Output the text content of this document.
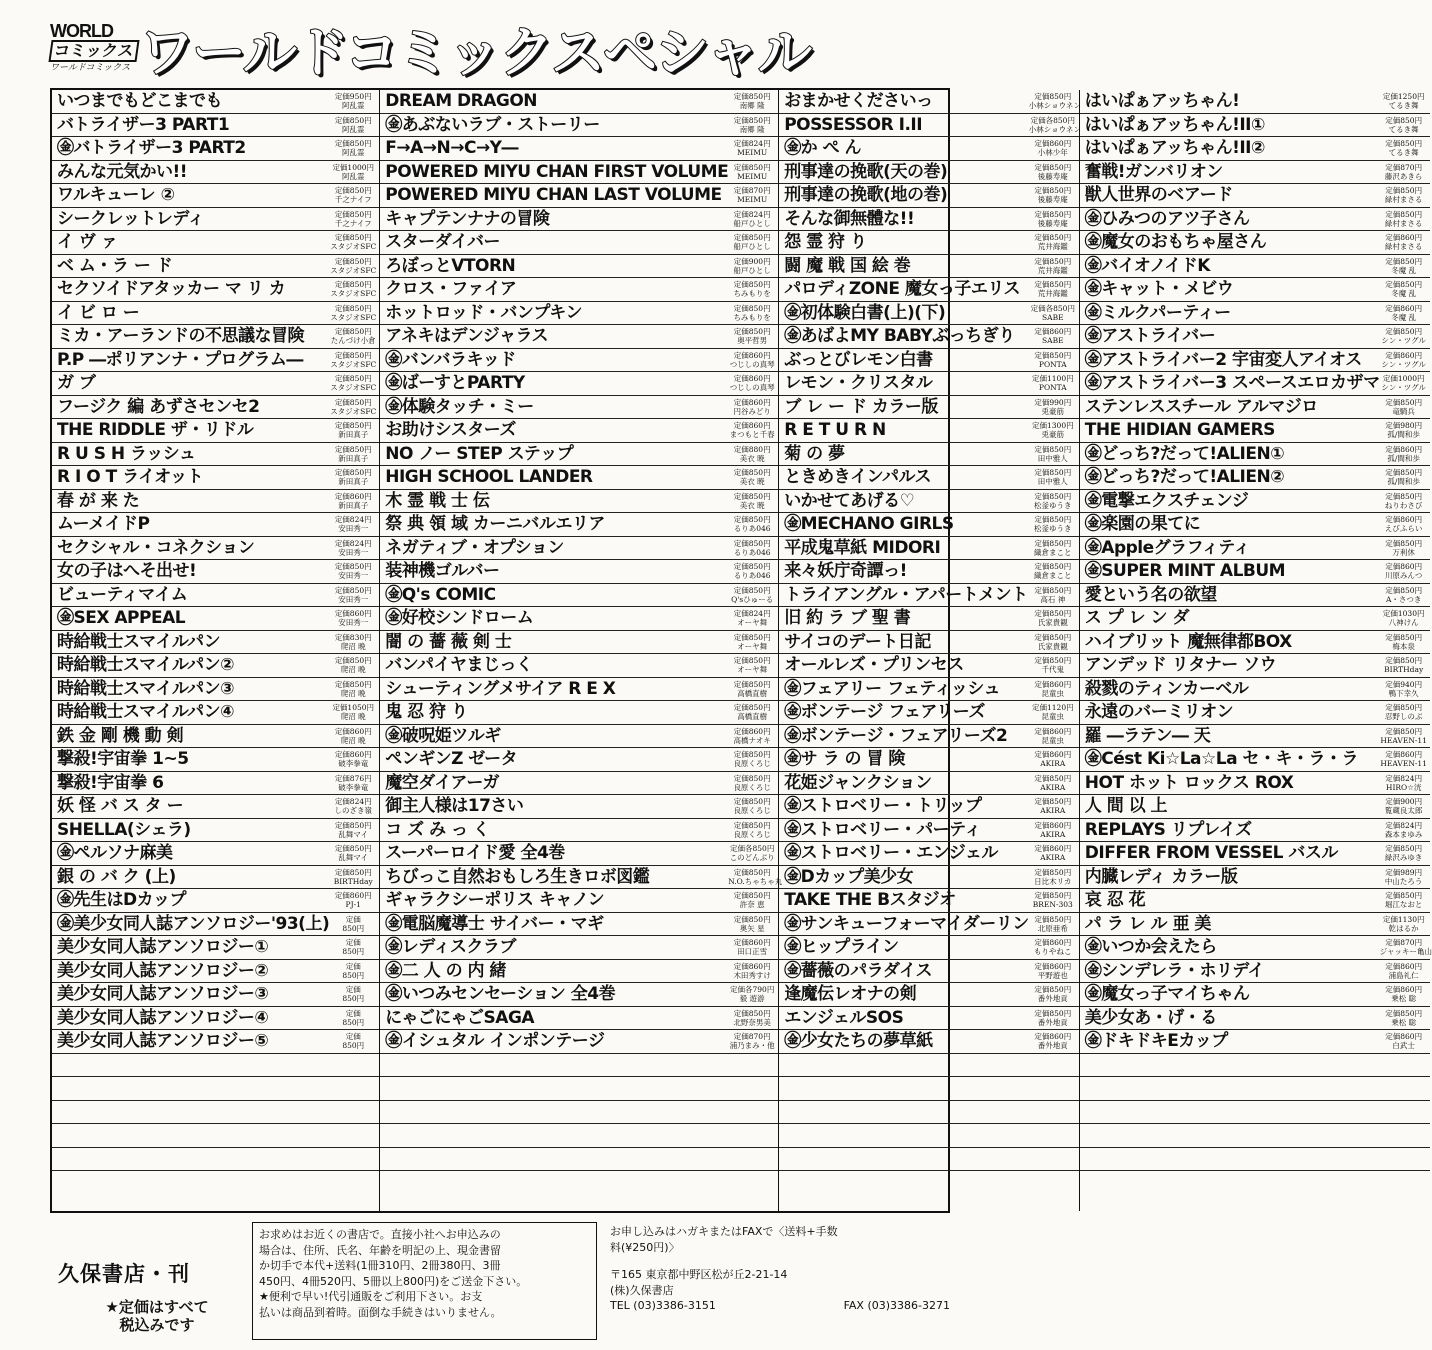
WORLD
コミックス
ワールドコミックス ワールドコミックスペシャル
いつまでもどこまでも	定価950円
阿乱霊
バトライザー3 PART1	定価850円
阿乱霊
㊎バトライザー3 PART2	定価850円
阿乱霊
みんな元気かい!!	定価1000円
阿乱霊
ワルキューレ ②	定価850円
千之ナイフ
シークレットレディ	定価850円
千之ナイフ
イ ヴ ァ	定価850円
スタジオSFC
ベ ム・ラ ー ド	定価850円
スタジオSFC
セクソイドアタッカー マ リ カ	定価850円
スタジオSFC
イ ビ ロ ー	定価850円
スタジオSFC
ミカ・アーランドの不思議な冒険	定価850円
たんづけ小倉
P.P ―ポリアンナ・プログラム―	定価850円
スタジオSFC
ガ ブ	定価850円
スタジオSFC
フージク 編 あずさセンセ2	定価850円
スタジオSFC
THE RIDDLE ザ・リドル	定価850円
新田真子
R U S H ラッシュ	定価850円
新田真子
R I O T ライオット	定価850円
新田真子
春 が 来 た	定価860円
新田真子
ムーメイドP	定価824円
安田秀一
セクシャル・コネクション	定価824円
安田秀一
女の子はへそ出せ!	定価850円
安田秀一
ビューティマイム	定価850円
安田秀一
㊎SEX APPEAL	定価860円
安田秀一
時給戦士スマイルパン	定価830円
爬沼 晩
時給戦士スマイルパン②	定価850円
爬沼 晩
時給戦士スマイルパン③	定価850円
爬沼 晩
時給戦士スマイルパン④	定価1050円
爬沼 晩
鉄 金 剛 機 動 剣	定価860円
爬沼 晩
撃殺!宇宙拳 1~5	定価860円
破李拳竜
撃殺!宇宙拳 6	定価876円
破李拳竜
妖 怪 バ ス タ ー	定価824円
しのざき嶺
SHELLA(シェラ)	定価850円
乱舞マイ
㊎ペルソナ麻美	定価850円
乱舞マイ
銀 の バ ク (上)	定価850円
BIRTHday
㊎先生はDカップ	定価860円
PJ-1
㊎美少女同人誌アンソロジー'93(上)	定価
850円
美少女同人誌アンソロジー①	定価
850円
美少女同人誌アンソロジー②	定価
850円
美少女同人誌アンソロジー③	定価
850円
美少女同人誌アンソロジー④	定価
850円
美少女同人誌アンソロジー⑤	定価
850円
DREAM DRAGON	定価850円
南郷 隆
㊎あぶないラブ・ストーリー	定価850円
南郷 隆
F→A→N→C→Y―	定価824円
MEIMU
POWERED MIYU CHAN FIRST VOLUME 定価850円
MEIMU
POWERED MIYU CHAN LAST VOLUME	定価870円
MEIMU
キャプテンナナの冒険	定価824円
船戸ひとし
スターダイバー	定価850円
船戸ひとし
ろぼっとVTORN	定価900円
船戸ひとし
クロス・ファイア	定価850円
ちみもりを
ホットロッド・バンプキン	定価850円
ちみもりを
アネキはデンジャラス	定価850円
奥平哲男
㊎バンバラキッド	定価860円
つじしの真琴
㊎ばーすとPARTY	定価860円
つじしの真琴
㊎体験タッチ・ミー	定価860円
円谷みどり
お助けシスターズ	定価860円
まつもと千春
NO ノー STEP ステップ	定価880円
美衣 暁
HIGH SCHOOL LANDER	定価850円
美衣 暁
木 霊 戦 士 伝	定価850円
美衣 暁
祭 典 領 域 カーニバルエリア	定価850円
るりあ046
ネガティブ・オプション	定価850円
るりあ046
装神機ゴルバー	定価850円
るりあ046
㊎Q's COMIC	定価850円
Q'sひゅーる
㊎好校シンドローム	定価824円
オーヤ舞
闇 の 薔 薇 剣 士	定価850円
オーヤ舞
バンパイヤまじっく	定価850円
オーヤ舞
シューティングメサイア R E X	定価850円
高橋直樹
鬼 忍 狩 り	定価850円
高橋直樹
㊎破呪姫ツルギ	定価860円
高橋ナオキ
ペンギンZ ゼータ	定価850円
良原くろじ
魔空ダイアーガ	定価850円
良原くろじ
御主人様は17さい	定価850円
良原くろじ
コ ズ み っ く	定価850円
良原くろじ
スーパーロイド愛 全4巻	定価各850円
このどんぶり
ちびっこ自然おもしろ生きロボ図鑑	定価850円
N.O.ちゃちゃ丸
ギャラクシーポリス キャノン	定価850円
許奈 恵
㊎電脳魔導士 サイバー・マギ	定価850円
奥矢 星
㊎レディスクラブ	定価860円
田口正雪
㊎二 人 の 内 緒	定価860円
木田秀すけ
㊎いつみセンセーション 全4巻	定価各790円
毅 遊游
にゃごにゃごSAGA	定価850円
北野奈男美
㊎イシュタル インポンテージ	定価870円
浦乃まみ・他
おまかせくださいっ	定価850円
小林ショウネン
POSSESSOR I.II	定価各850円
小林ショウネン
㊎か ぺ ん	定価860円
小林少年
刑事達の挽歌(天の巻)	定価850円
後藤寿庵
刑事達の挽歌(地の巻)	定価850円
後藤寿庵
そんな御無體な!!	定価850円
後藤寿庵
怨 霊 狩 り	定価850円
荒井海鑑
闘 魔 戦 国 絵 巻	定価850円
荒井海鑑
パロディZONE 魔女っ子エリス	定価850円
荒井海鑑
㊎初体験白書(上)(下)	定価各850円
SABE
㊎あばよMY BABYぶっちぎり	定価860円
SABE
ぶっとびレモン白書	定価850円
PONTA
レモン・クリスタル	定価1100円
PONTA
ブ レ ー ド カラー版	定価990円
兎豪筋
R E T U R N	定価1300円
兎豪筋
菊 の 夢	定価850円
田中雅人
ときめきインパルス	定価850円
田中雅人
いかせてあげる♡	定価850円
松釜ゆうき
㊎MECHANO GIRLS	定価850円
松釜ゆうき
平成鬼草紙 MIDORI	定価850円
織倉まこと
来々妖庁奇譚っ!	定価850円
織倉まこと
トライアングル・アパートメント 定価850円
高石 神
旧 約 ラ ブ 聖 書	定価850円
氏家貴観
サイコのデート日記	定価850円
氏家貴観
オールレズ・プリンセス	定価850円
千代鬼
㊎フェアリー フェティッシュ	定価860円
昆童虫
㊎ボンテージ フェアリーズ	定価1120円
昆童虫
㊎ボンテージ・フェアリーズ2	定価860円
昆童虫
㊎サ ラ の 冒 険	定価860円
AKIRA
花姫ジャンクション	定価850円
AKIRA
㊎ストロベリー・トリップ	定価850円
AKIRA
㊎ストロベリー・パーティ	定価860円
AKIRA
㊎ストロベリー・エンジェル	定価860円
AKIRA
㊎Dカップ美少女	定価850円
日比木リカ
TAKE THE Bスタジオ	定価850円
BREN-303
㊎サンキューフォーマイダーリン 定価850円
北原亜希
㊎ヒップライン	定価860円
もりやねこ
㊎薔薇のパラダイス	定価860円
平野遊也
逢魔伝レオナの剣	定価850円
番外地貢
エンジェルSOS	定価850円
番外地貢
㊎少女たちの夢草紙	定価860円
番外地貢
はいぱぁアッちゃん!	定価1250円
てるき舞
はいぱぁアッちゃん!II①	定価850円
てるき舞
はいぱぁアッちゃん!II②	定価850円
てるき舞
奮戦!ガンバリオン	定価870円
藤沢あきら
獣人世界のベアード	定価850円
緑村まさる
㊎ひみつのアツ子さん	定価850円
緑村まさる
㊎魔女のおもちゃ屋さん	定価860円
緑村まさる
㊎バイオノイドK	定価850円
冬魔 乱
㊎キャット・メビウ	定価850円
冬魔 乱
㊎ミルクパーティー	定価860円
冬魔 乱
㊎アストライバー	定価850円
シン・ツグル
㊎アストライバー2 宇宙変人アイオス	定価860円
シン・ツグル
㊎アストライバー3 スペースエロカザマ 定価1000円
シン・ツグル
ステンレススチール アルマジロ	定価850円
竜騎兵
THE HIDIAN GAMERS	定価980円
孤/間和歩
㊎どっち?だって!ALIEN①	定価860円
孤/間和歩
㊎どっち?だって!ALIEN②	定価850円
孤/間和歩
㊎電撃エクスチェンジ	定価850円
ねりわさび
㊎楽園の果てに	定価860円
えびふらい
㊎Appleグラフィティ	定価850円
万利休
㊎SUPER MINT ALBUM	定価860円
川原みんつ
愛という名の欲望	定価850円
A・さつき
ス プ レ ン ダ	定価1030円
八神けん
ハイブリット 魔無律都BOX	定価850円
梅本泉
アンデッド リタナー ソウ	定価850円
BIRTHday
殺戮のティンカーベル	定価940円
鴨下幸久
永遠のバーミリオン	定価850円
忍野しのぶ
羅 ―ラテン― 天	定価850円
HEAVEN-11
㊎Cést Ki☆La☆La セ・キ・ラ・ラ	定価860円
HEAVEN-11
HOT ホット ロックス ROX	定価824円
HIRO☆洸
人 間 以 上	定価900円
覧蔵良太郎
REPLAYS リプレイズ	定価824円
森本まゆみ
DIFFER FROM VESSEL バスル	定価850円
緑沢みゆき
内臓レディ カラー版	定価989円
中山たろう
哀 忍 花	定価850円
堀江なおと
パ ラ レ ル 亜 美	定価1130円
乾はるか
㊎いつか会えたら	定価870円
ジャッキー亀山
㊎シンデレラ・ホリデイ	定価860円
浦島礼仁
㊎魔女っ子マイちゃん	定価860円
乗松 聡
美少女あ・げ・る	定価850円
乗松 聡
㊎ドキドキEカップ	定価860円
白武士
久保書店・刊
★定価はすべて
税込みです
お求めはお近くの書店で。直接小社へお申込みの
場合は、住所、氏名、年齢を明記の上、現金書留
か切手で本代+送料(1冊310円、2冊380円、3冊
450円、4冊520円、5冊以上800円)をご送金下さい。
★便利で早い!代引通販をご利用下さい。お支
払いは商品到着時。面倒な手続きはいりません。
お申し込みはハガキまたはFAXで〈送料+手数
料(¥250円)〉
〒165 東京都中野区松が丘2-21-14
(株)久保書店
TEL (03)3386-3151	FAX (03)3386-3271
